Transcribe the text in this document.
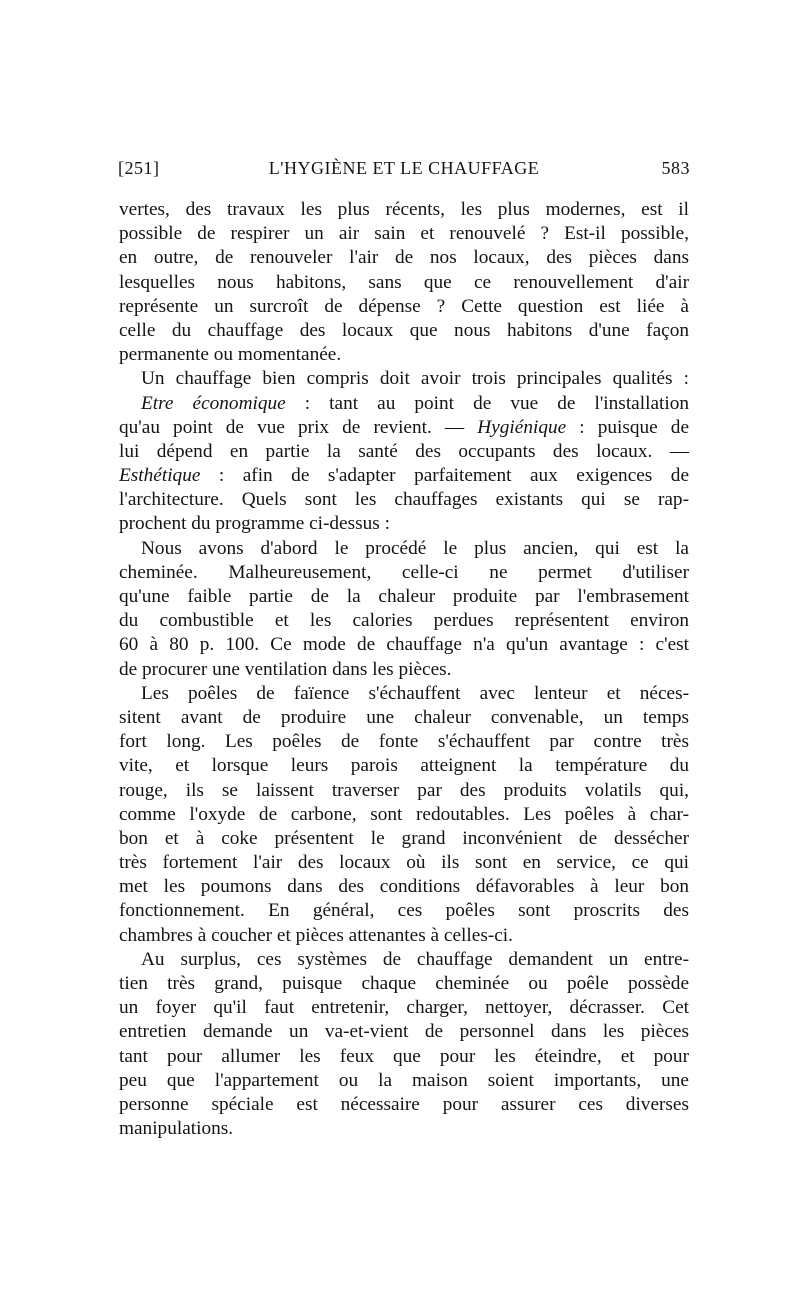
[251]	L'HYGIÈNE ET LE CHAUFFAGE	583
vertes, des travaux les plus récents, les plus modernes, est il
possible de respirer un air sain et renouvelé ? Est-il possible,
en outre, de renouveler l'air de nos locaux, des pièces dans
lesquelles nous habitons, sans que ce renouvellement d'air
représente un surcroît de dépense ? Cette question est liée à
celle du chauffage des locaux que nous habitons d'une façon
permanente ou momentanée.
Un chauffage bien compris doit avoir trois principales qualités :
Etre économique : tant au point de vue de l'installation
qu'au point de vue prix de revient. — Hygiénique : puisque de
lui dépend en partie la santé des occupants des locaux. —
Esthétique : afin de s'adapter parfaitement aux exigences de
l'architecture. Quels sont les chauffages existants qui se rap-
prochent du programme ci-dessus :
Nous avons d'abord le procédé le plus ancien, qui est la
cheminée. Malheureusement, celle-ci ne permet d'utiliser
qu'une faible partie de la chaleur produite par l'embrasement
du combustible et les calories perdues représentent environ
60 à 80 p. 100. Ce mode de chauffage n'a qu'un avantage : c'est
de procurer une ventilation dans les pièces.
Les poêles de faïence s'échauffent avec lenteur et néces-
sitent avant de produire une chaleur convenable, un temps
fort long. Les poêles de fonte s'échauffent par contre très
vite, et lorsque leurs parois atteignent la température du
rouge, ils se laissent traverser par des produits volatils qui,
comme l'oxyde de carbone, sont redoutables. Les poêles à char-
bon et à coke présentent le grand inconvénient de dessécher
très fortement l'air des locaux où ils sont en service, ce qui
met les poumons dans des conditions défavorables à leur bon
fonctionnement. En général, ces poêles sont proscrits des
chambres à coucher et pièces attenantes à celles-ci.
Au surplus, ces systèmes de chauffage demandent un entre-
tien très grand, puisque chaque cheminée ou poêle possède
un foyer qu'il faut entretenir, charger, nettoyer, décrasser. Cet
entretien demande un va-et-vient de personnel dans les pièces
tant pour allumer les feux que pour les éteindre, et pour
peu que l'appartement ou la maison soient importants, une
personne spéciale est nécessaire pour assurer ces diverses
manipulations.
